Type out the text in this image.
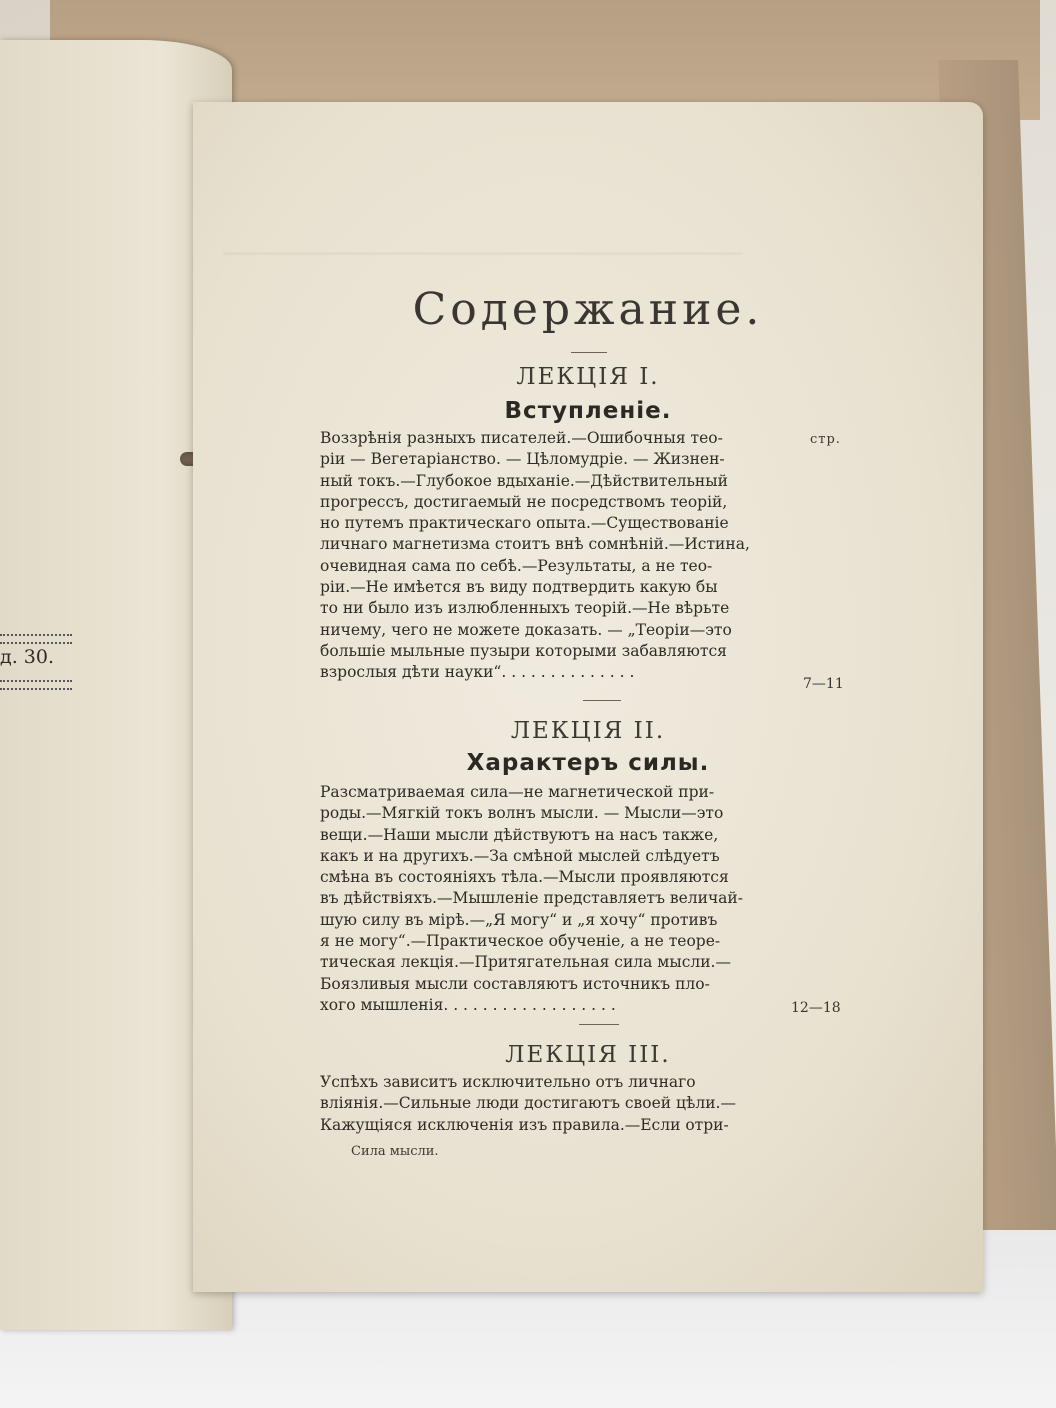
д. 30.
Содержание.
ЛЕКЦІЯ I.
Вступленіе.
стр.
Воззрѣнія разныхъ писателей.—Ошибочныя тео-
ріи — Вегетаріанство. — Цѣломудріе. — Жизнен-
ный токъ.—Глубокое вдыханіе.—Дѣйствительный
прогрессъ, достигаемый не посредствомъ теорій,
но путемъ практическаго опыта.—Существованіе
личнаго магнетизма стоитъ внѣ сомнѣній.—Истина,
очевидная сама по себѣ.—Результаты, а не тео-
ріи.—Не имѣется въ виду подтвердить какую бы
то ни было изъ излюбленныхъ теорій.—Не вѣрьте
ничему, чего не можете доказать. — „Теоріи—это
большіе мыльные пузыри которыми забавляются
взрослыя дѣти науки“. . . . . . . . . . . . . .
7—11
ЛЕКЦІЯ II.
Характеръ силы.
Разсматриваемая сила—не магнетической при-
роды.—Мягкій токъ волнъ мысли. — Мысли—это
вещи.—Наши мысли дѣйствуютъ на насъ также,
какъ и на другихъ.—За смѣной мыслей слѣдуетъ
смѣна въ состояніяхъ тѣла.—Мысли проявляются
въ дѣйствіяхъ.—Мышленіе представляетъ величай-
шую силу въ мірѣ.—„Я могу“ и „я хочу“ противъ
я не могу“.—Практическое обученіе, а не теоре-
тическая лекція.—Притягательная сила мысли.—
Боязливыя мысли составляютъ источникъ пло-
хого мышленія. . . . . . . . . . . . . . . . . .	12—18
ЛЕКЦІЯ III.
Успѣхъ зависитъ исключительно отъ личнаго
вліянія.—Сильные люди достигаютъ своей цѣли.—
Кажущіяся исключенія изъ правила.—Если отри-
Сила мысли.
